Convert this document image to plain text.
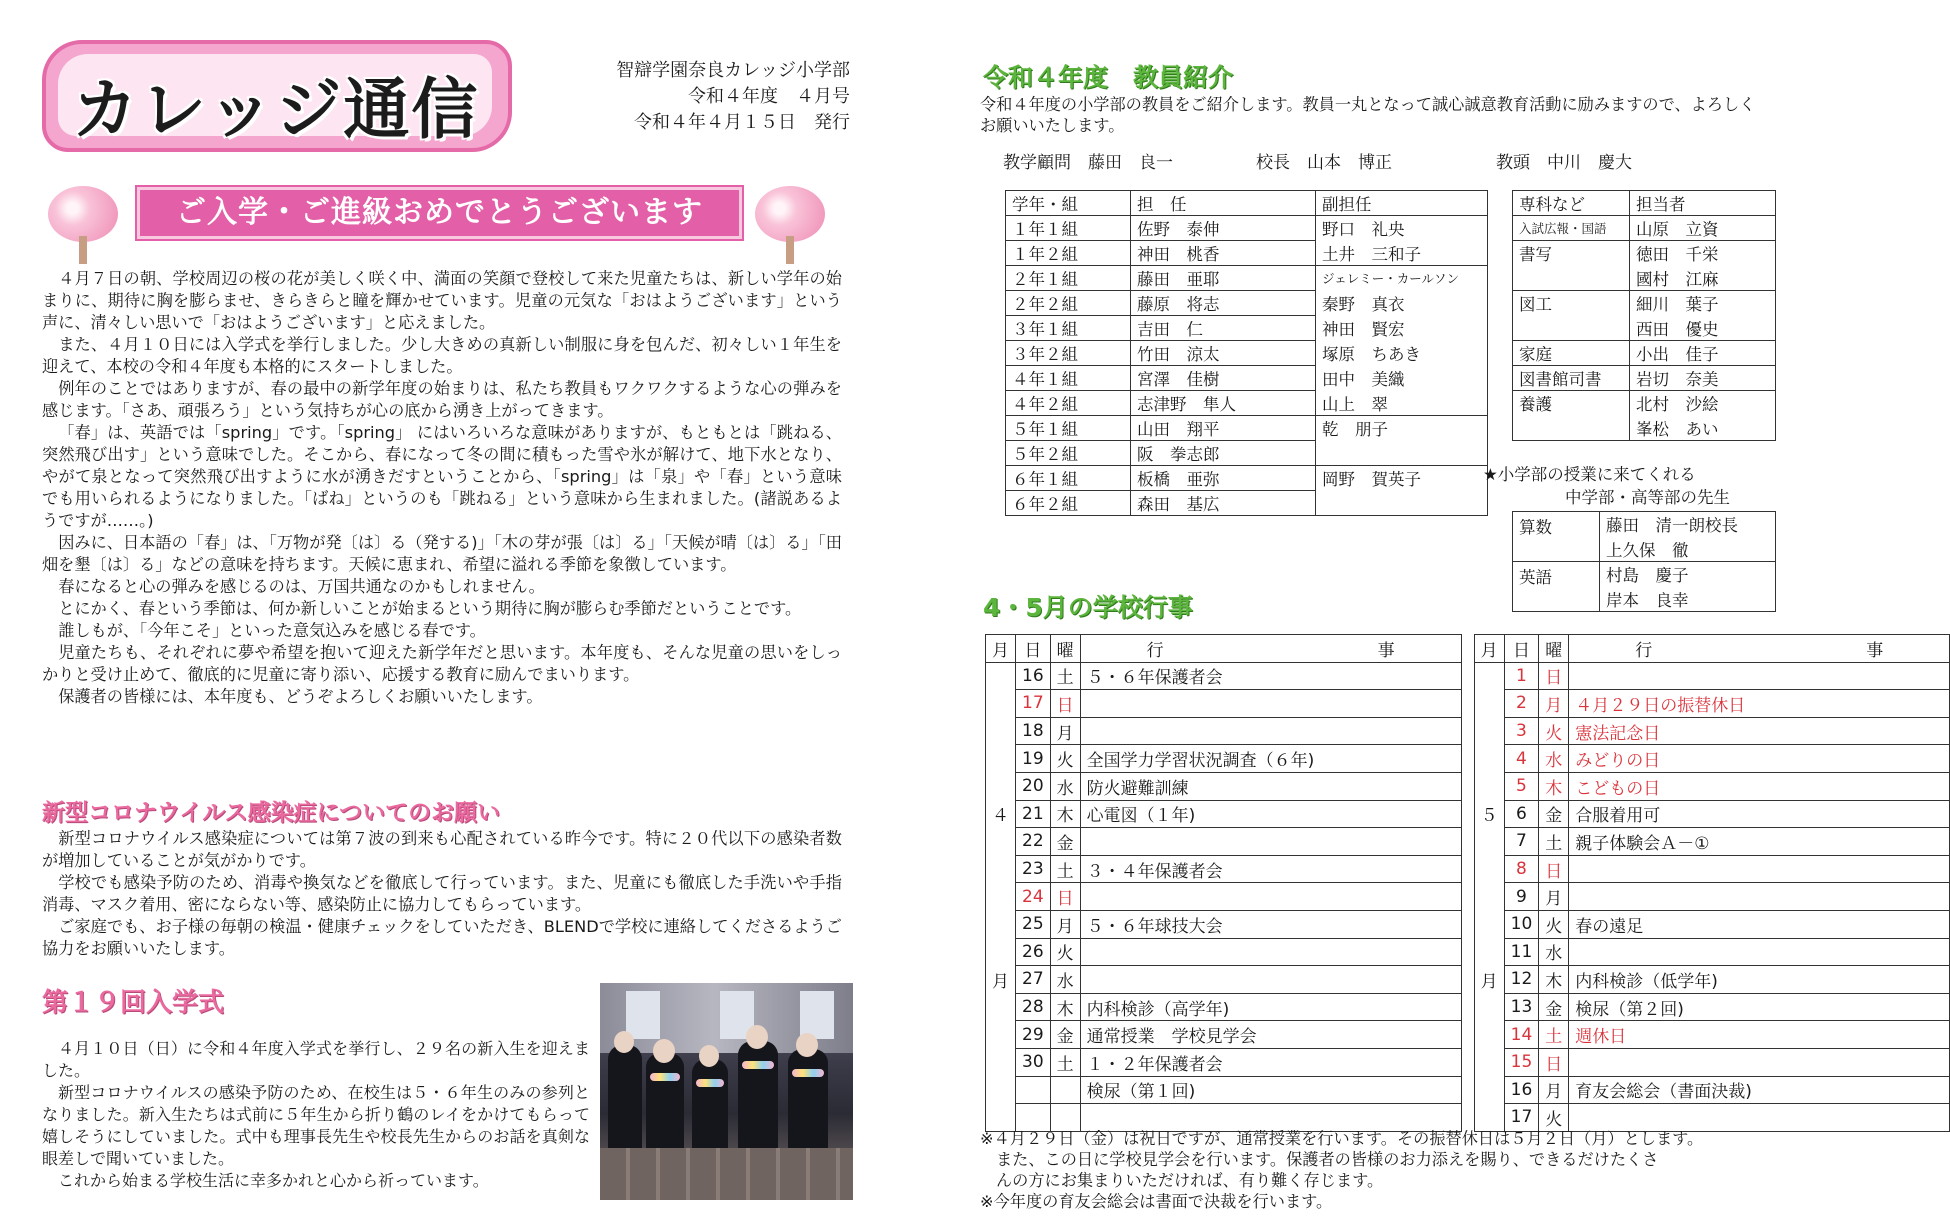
カレッジ通信
智辯学園奈良カレッジ小学部
令和４年度　４月号
令和４年４月１５日　発行
ご入学・ご進級おめでとうございます

４月７日の朝、学校周辺の桜の花が美しく咲く中、満面の笑顔で登校して来た児童たちは、新しい学年の始まりに、期待に胸を膨らませ、きらきらと瞳を輝かせています。児童の元気な「おはようございます」という声に、清々しい思いで「おはようございます」と応えました。

また、４月１０日には入学式を挙行しました。少し大きめの真新しい制服に身を包んだ、初々しい１年生を迎えて、本校の令和４年度も本格的にスタートしました。

例年のことではありますが、春の最中の新学年度の始まりは、私たち教員もワクワクするような心の弾みを感じます。「さあ、頑張ろう」という気持ちが心の底から湧き上がってきます。

「春」は、英語では「spring」です。「spring」 にはいろいろな意味がありますが、もともとは「跳ねる、突然飛び出す」という意味でした。そこから、春になって冬の間に積もった雪や氷が解けて、地下水となり、やがて泉となって突然飛び出すように水が湧きだすということから、「spring」は「泉」や「春」という意味でも用いられるようになりました。「ばね」というのも「跳ねる」という意味から生まれました。(諸説あるようですが……。)

因みに、日本語の「春」は、「万物が発〔は〕る（発する)」「木の芽が張〔は〕る」「天候が晴〔は〕る」「田畑を墾〔は〕る」などの意味を持ちます。天候に恵まれ、希望に溢れる季節を象徴しています。

春になると心の弾みを感じるのは、万国共通なのかもしれません。

とにかく、春という季節は、何か新しいことが始まるという期待に胸が膨らむ季節だということです。

誰しもが、「今年こそ」といった意気込みを感じる春です。

児童たちも、それぞれに夢や希望を抱いて迎えた新学年だと思います。本年度も、そんな児童の思いをしっかりと受け止めて、徹底的に児童に寄り添い、応援する教育に励んでまいります。

保護者の皆様には、本年度も、どうぞよろしくお願いいたします。

新型コロナウイルス感染症についてのお願い

新型コロナウイルス感染症については第７波の到来も心配されている昨今です。特に２０代以下の感染者数が増加していることが気がかりです。

学校でも感染予防のため、消毒や換気などを徹底して行っています。また、児童にも徹底した手洗いや手指消毒、マスク着用、密にならない等、感染防止に協力してもらっています。

ご家庭でも、お子様の毎朝の検温・健康チェックをしていただき、BLENDで学校に連絡してくださるようご協力をお願いいたします。

第１９回入学式

４月１０日（日）に令和４年度入学式を挙行し、２９名の新入生を迎えました。

新型コロナウイルスの感染予防のため、在校生は５・６年生のみの参列となりました。新入生たちは式前に５年生から折り鶴のレイをかけてもらって嬉しそうにしていました。式中も理事長先生や校長先生からのお話を真剣な眼差しで聞いていました。

これから始まる学校生活に幸多かれと心から祈っています。

令和４年度　教員紹介
令和４年度の小学部の教員をご紹介します。教員一丸となって誠心誠意教育活動に励みますので、よろしくお願いいたします。
教学顧問　藤田　良一	校長　山本　博正	教頭　中川　慶大
学年・組	担　任	副担任
１年１組	佐野　泰伸	野口　礼央
１年２組	神田　桃香	土井　三和子
２年１組	藤田　亜耶	ジェレミー・カールソン
２年２組	藤原　将志	秦野　真衣
３年１組	吉田　仁	神田　賢宏
３年２組	竹田　涼太	塚原　ちあき
４年１組	宮澤　佳樹	田中　美織
４年２組	志津野　隼人	山上　翠
５年１組	山田　翔平	乾　朋子
５年２組	阪　拳志郎	
６年１組	板橋　亜弥	岡野　賀英子
６年２組	森田　基広	
専科など	担当者
入試広報・国語	山原　立資
書写	徳田　千栄
	國村　江麻
図工	細川　葉子
	西田　優史
家庭	小出　佳子
図書館司書	岩切　奈美
養護	北村　沙絵
	峯松　あい
★小学部の授業に来てくれる
中学部・高等部の先生
算数	藤田　清一朗校長
	上久保　徹
英語	村島　慶子
	岸本　良幸
4・5月の学校行事
月	日	曜	行　　事		月	日	曜	行　　事
	16	土	５・６年保護者会			1	日	
	17	日				2	月	４月２９日の振替休日
	18	月				3	火	憲法記念日
	19	火	全国学力学習状況調査（６年)			4	水	みどりの日
	20	水	防火避難訓練			5	木	こどもの日
４	21	木	心電図（１年)		５	6	金	合服着用可
	22	金				7	土	親子体験会Ａ－①
	23	土	３・４年保護者会			8	日	
	24	日				9	月	
	25	月	５・６年球技大会			10	火	春の遠足
	26	火				11	水	
月	27	水			月	12	木	内科検診（低学年)
	28	木	内科検診（高学年)			13	金	検尿（第２回)
	29	金	通常授業　学校見学会			14	土	週休日
	30	土	１・２年保護者会			15	日	
			検尿（第１回)			16	月	育友会総会（書面決裁)
						17	火	
※４月２９日（金）は祝日ですが、通常授業を行います。その振替休日は５月２日（月）とします。
また、この日に学校見学会を行います。保護者の皆様のお力添えを賜り、できるだけたくさ
んの方にお集まりいただければ、有り難く存じます。
※今年度の育友会総会は書面で決裁を行います。
